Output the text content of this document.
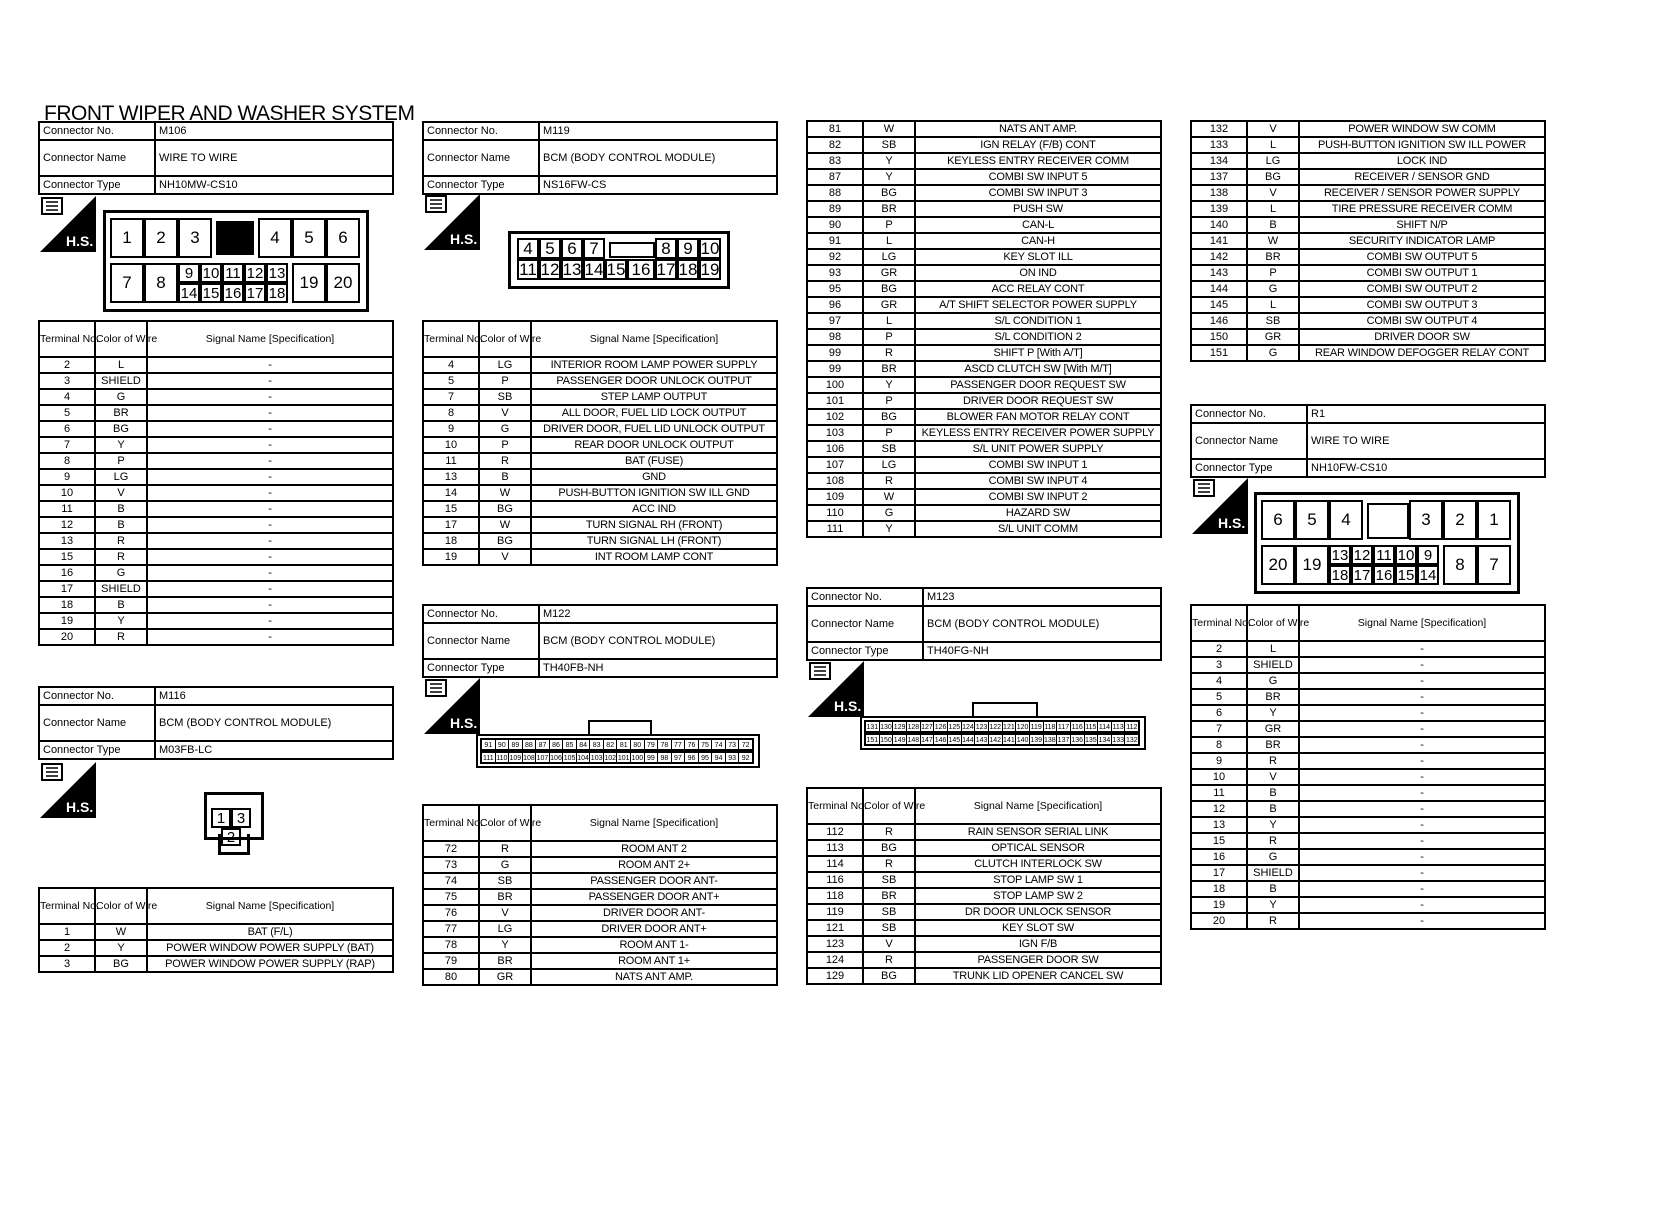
FRONT WIPER AND WASHER SYSTEM
Connector No.	M106
Connector Name	WIRE TO WIRE
Connector Type	NH10MW-CS10
H.S.	1	2	3	4	5	6
7	8	9 10 11 12 13
14 15 16 17 18
19 20
Terminal No.	Color of Wire	Signal Name [Specification]
2	L	-
3	SHIELD	-
4	G	-
5	BR	-
6	BG	-
7	Y	-
8	P	-
9	LG	-
10	V	-
11	B	-
12	B	-
13	R	-
15	R	-
16	G	-
17	SHIELD	-
18	B	-
19	Y	-
20	R	-
Connector No.	M116
Connector Name	BCM (BODY CONTROL MODULE)
Connector Type	M03FB-LC
H.S.
1 3
2
Terminal No.	Color of Wire	Signal Name [Specification]
1	W	BAT (F/L)
2	Y	POWER WINDOW POWER SUPPLY (BAT)
3	BG	POWER WINDOW POWER SUPPLY (RAP)
Connector No.	M119
Connector Name	BCM (BODY CONTROL MODULE)
Connector Type	NS16FW-CS
H.S.	4 5 6 7	8 9 10
11 12 13 14 15 16 17 18 19
Terminal No.	Color of Wire	Signal Name [Specification]
4	LG	INTERIOR ROOM LAMP POWER SUPPLY
5	P	PASSENGER DOOR UNLOCK OUTPUT
7	SB	STEP LAMP OUTPUT
8	V	ALL DOOR, FUEL LID LOCK OUTPUT
9	G	DRIVER DOOR, FUEL LID UNLOCK OUTPUT
10	P	REAR DOOR UNLOCK OUTPUT
11	R	BAT (FUSE)
13	B	GND
14	W	PUSH-BUTTON IGNITION SW ILL GND
15	BG	ACC IND
17	W	TURN SIGNAL RH (FRONT)
18	BG	TURN SIGNAL LH (FRONT)
19	V	INT ROOM LAMP CONT
Connector No.	M122
Connector Name	BCM (BODY CONTROL MODULE)
Connector Type	TH40FB-NH
H.S.
91 90 89 88 87 86 85 84 83 82 81 80 79 78 77 76 75 74 73 72
111 110 109 108 107 106 105 104 103 102 101 100 99 98 97 96 95 94 93 92
Terminal No.	Color of Wire	Signal Name [Specification]
72	R	ROOM ANT 2
73	G	ROOM ANT 2+
74	SB	PASSENGER DOOR ANT-
75	BR	PASSENGER DOOR ANT+
76	V	DRIVER DOOR ANT-
77	LG	DRIVER DOOR ANT+
78	Y	ROOM ANT 1-
79	BR	ROOM ANT 1+
80	GR	NATS ANT AMP.
81	W	NATS ANT AMP.
82	SB	IGN RELAY (F/B) CONT
83	Y	KEYLESS ENTRY RECEIVER COMM
87	Y	COMBI SW INPUT 5
88	BG	COMBI SW INPUT 3
89	BR	PUSH SW
90	P	CAN-L
91	L	CAN-H
92	LG	KEY SLOT ILL
93	GR	ON IND
95	BG	ACC RELAY CONT
96	GR	A/T SHIFT SELECTOR POWER SUPPLY
97	L	S/L CONDITION 1
98	P	S/L CONDITION 2
99	R	SHIFT P [With A/T]
99	BR	ASCD CLUTCH SW [With M/T]
100	Y	PASSENGER DOOR REQUEST SW
101	P	DRIVER DOOR REQUEST SW
102	BG	BLOWER FAN MOTOR RELAY CONT
103	P	KEYLESS ENTRY RECEIVER POWER SUPPLY
106	SB	S/L UNIT POWER SUPPLY
107	LG	COMBI SW INPUT 1
108	R	COMBI SW INPUT 4
109	W	COMBI SW INPUT 2
110	G	HAZARD SW
111	Y	S/L UNIT COMM
Connector No.	M123
Connector Name	BCM (BODY CONTROL MODULE)
Connector Type	TH40FG-NH
H.S.
131 130 129 128 127 126 125 124 123 122 121 120 119 118 117 116 115 114 113 112
151 150 149 148 147 146 145 144 143 142 141 140 139 138 137 136 135 134 133 132
Terminal No.	Color of Wire	Signal Name [Specification]
112	R	RAIN SENSOR SERIAL LINK
113	BG	OPTICAL SENSOR
114	R	CLUTCH INTERLOCK SW
116	SB	STOP LAMP SW 1
118	BR	STOP LAMP SW 2
119	SB	DR DOOR UNLOCK SENSOR
121	SB	KEY SLOT SW
123	V	IGN F/B
124	R	PASSENGER DOOR SW
129	BG	TRUNK LID OPENER CANCEL SW
132	V	POWER WINDOW SW COMM
133	L	PUSH-BUTTON IGNITION SW ILL POWER
134	LG	LOCK IND
137	BG	RECEIVER / SENSOR GND
138	V	RECEIVER / SENSOR POWER SUPPLY
139	L	TIRE PRESSURE RECEIVER COMM
140	B	SHIFT N/P
141	W	SECURITY INDICATOR LAMP
142	BR	COMBI SW OUTPUT 5
143	P	COMBI SW OUTPUT 1
144	G	COMBI SW OUTPUT 2
145	L	COMBI SW OUTPUT 3
146	SB	COMBI SW OUTPUT 4
150	GR	DRIVER DOOR SW
151	G	REAR WINDOW DEFOGGER RELAY CONT
Connector No.	R1
Connector Name	WIRE TO WIRE
Connector Type	NH10FW-CS10
H.S.	6	5	4	3	2	1
20 19 13 12 11 10 9
18 17 16 15 14
8	7
Terminal No.	Color of Wire	Signal Name [Specification]
2	L	-
3	SHIELD	-
4	G	-
5	BR	-
6	Y	-
7	GR	-
8	BR	-
9	R	-
10	V	-
11	B	-
12	B	-
13	Y	-
15	R	-
16	G	-
17	SHIELD	-
18	B	-
19	Y	-
20	R	-
